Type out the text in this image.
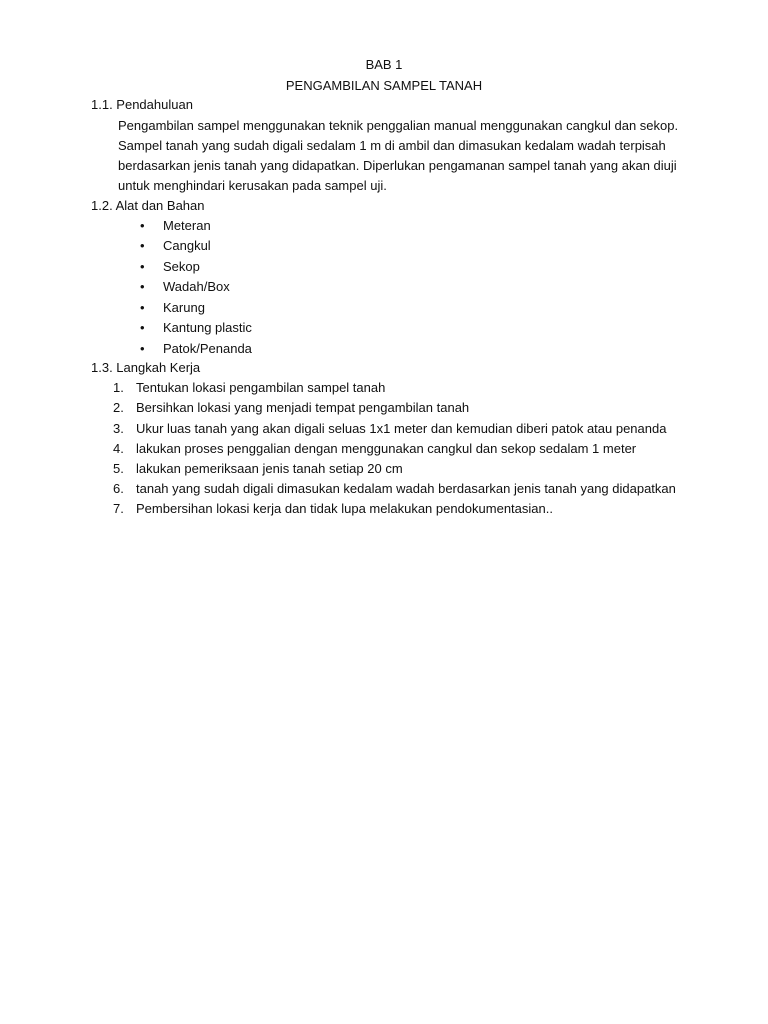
BAB 1
PENGAMBILAN SAMPEL TANAH
1.1. Pendahuluan
Pengambilan sampel menggunakan teknik penggalian manual menggunakan cangkul dan sekop.
Sampel tanah yang sudah digali sedalam 1 m di ambil dan dimasukan kedalam wadah terpisah
berdasarkan jenis tanah yang didapatkan. Diperlukan pengamanan sampel tanah yang akan diuji
untuk menghindari kerusakan pada sampel uji.
1.2. Alat dan Bahan
• Meteran
• Cangkul
• Sekop
• Wadah/Box
• Karung
• Kantung plastic
• Patok/Penanda
1.3. Langkah Kerja
1. Tentukan lokasi pengambilan sampel tanah
2. Bersihkan lokasi yang menjadi tempat pengambilan tanah
3. Ukur luas tanah yang akan digali seluas 1x1 meter dan kemudian diberi patok atau penanda
4. lakukan proses penggalian dengan menggunakan cangkul dan sekop sedalam 1 meter
5. lakukan pemeriksaan jenis tanah setiap 20 cm
6. tanah yang sudah digali dimasukan kedalam wadah berdasarkan jenis tanah yang didapatkan
7. Pembersihan lokasi kerja dan tidak lupa melakukan pendokumentasian..
